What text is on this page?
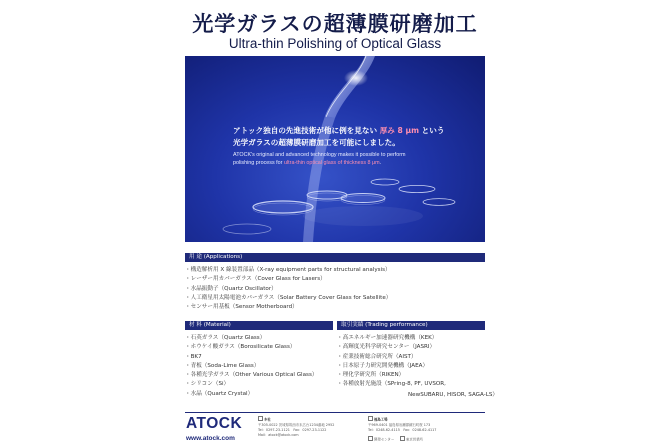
光学ガラスの超薄膜研磨加工
Ultra-thin Polishing of Optical Glass
アトック独自の先進技術が他に例を見ない 厚み 8 μm という
光学ガラスの超薄膜研磨加工を可能にしました。
ATOCK's original and advanced technology makes it possible to perform
polishing process for ultra-thin optical glass of thickness 8 μm.
用 途 (Applications)
・構造解析用 X 線装置部品（X-ray equipment parts for structural analysis）
・レーザー用カバーガラス（Cover Glass for Lasers）
・水晶振動子（Quartz Oscillator）
・人工衛星用太陽電池カバーガラス（Solar Battery Cover Glass for Satellite）
・センサー用基板（Sensor Motherboard）
材 料 (Material)
・石英ガラス（Quartz Glass）
・ホウケイ酸ガラス（Borosilicate Glass）
・BK7
・青板（Soda-Lime Glass）
・各種光学ガラス（Other Various Optical Glass）
・シリコン（Si）
・水晶（Quartz Crystal）
取引実績 (Trading performance)
・高エネルギー加速器研究機構（KEK）
・高輝度光科学研究センター（JASRI）
・産業技術総合研究所（AIST）
・日本原子力研究開発機構（JAEA）
・理化学研究所（RIKEN）
・各種放射光施設（SPring-8, PF, UVSOR,
NewSUBARU, HISOR, SAGA-LS）
ATOCK
www.atock.com
本社
〒305-0022 茨城県筑西市末広台1234番地 2952
Tel：0297-23-1121　Fax：0297-23-1122
Mail：atock@atock.com
福島工場
〒969-0401 福島県岩瀬郡鏡石町桜 173
Tel：0248-62-4115　Fax：0248-62-4117
開発センター	東京営業所
